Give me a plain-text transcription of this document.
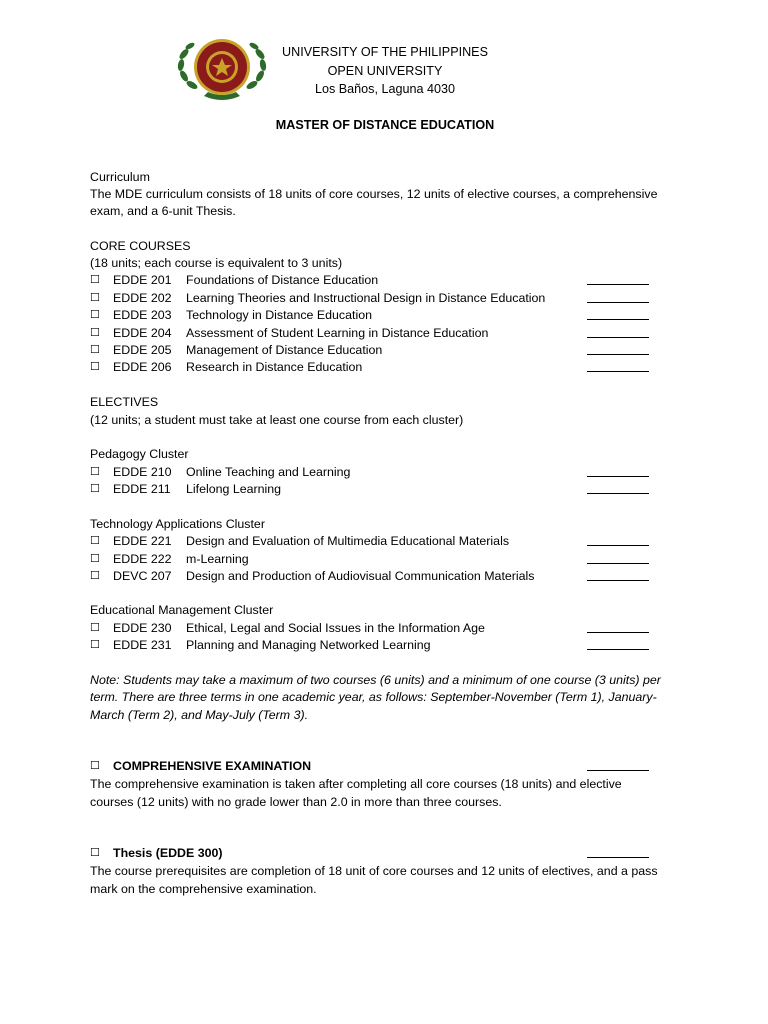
UNIVERSITY OF THE PHILIPPINES
OPEN UNIVERSITY
Los Baños, Laguna 4030
MASTER OF DISTANCE EDUCATION
Curriculum
The MDE curriculum consists of 18 units of core courses, 12 units of elective courses, a comprehensive
exam, and a 6-unit Thesis.
CORE COURSES
(18 units; each course is equivalent to 3 units)
☐ EDDE 201 Foundations of Distance Education
☐ EDDE 202 Learning Theories and Instructional Design in Distance Education
☐ EDDE 203 Technology in Distance Education
☐ EDDE 204 Assessment of Student Learning in Distance Education
☐ EDDE 205 Management of Distance Education
☐ EDDE 206 Research in Distance Education
ELECTIVES
(12 units; a student must take at least one course from each cluster)
Pedagogy Cluster
☐ EDDE 210 Online Teaching and Learning
☐ EDDE 211 Lifelong Learning
Technology Applications Cluster
☐ EDDE 221 Design and Evaluation of Multimedia Educational Materials
☐ EDDE 222 m-Learning
☐ DEVC 207 Design and Production of Audiovisual Communication Materials
Educational Management Cluster
☐ EDDE 230 Ethical, Legal and Social Issues in the Information Age
☐ EDDE 231 Planning and Managing Networked Learning
Note: Students may take a maximum of two courses (6 units) and a minimum of one course (3 units) per
term. There are three terms in one academic year, as follows: September-November (Term 1), January-
March (Term 2), and May-July (Term 3).
☐ COMPREHENSIVE EXAMINATION
The comprehensive examination is taken after completing all core courses (18 units) and elective
courses (12 units) with no grade lower than 2.0 in more than three courses.
☐ Thesis (EDDE 300)
The course prerequisites are completion of 18 unit of core courses and 12 units of electives, and a pass
mark on the comprehensive examination.
